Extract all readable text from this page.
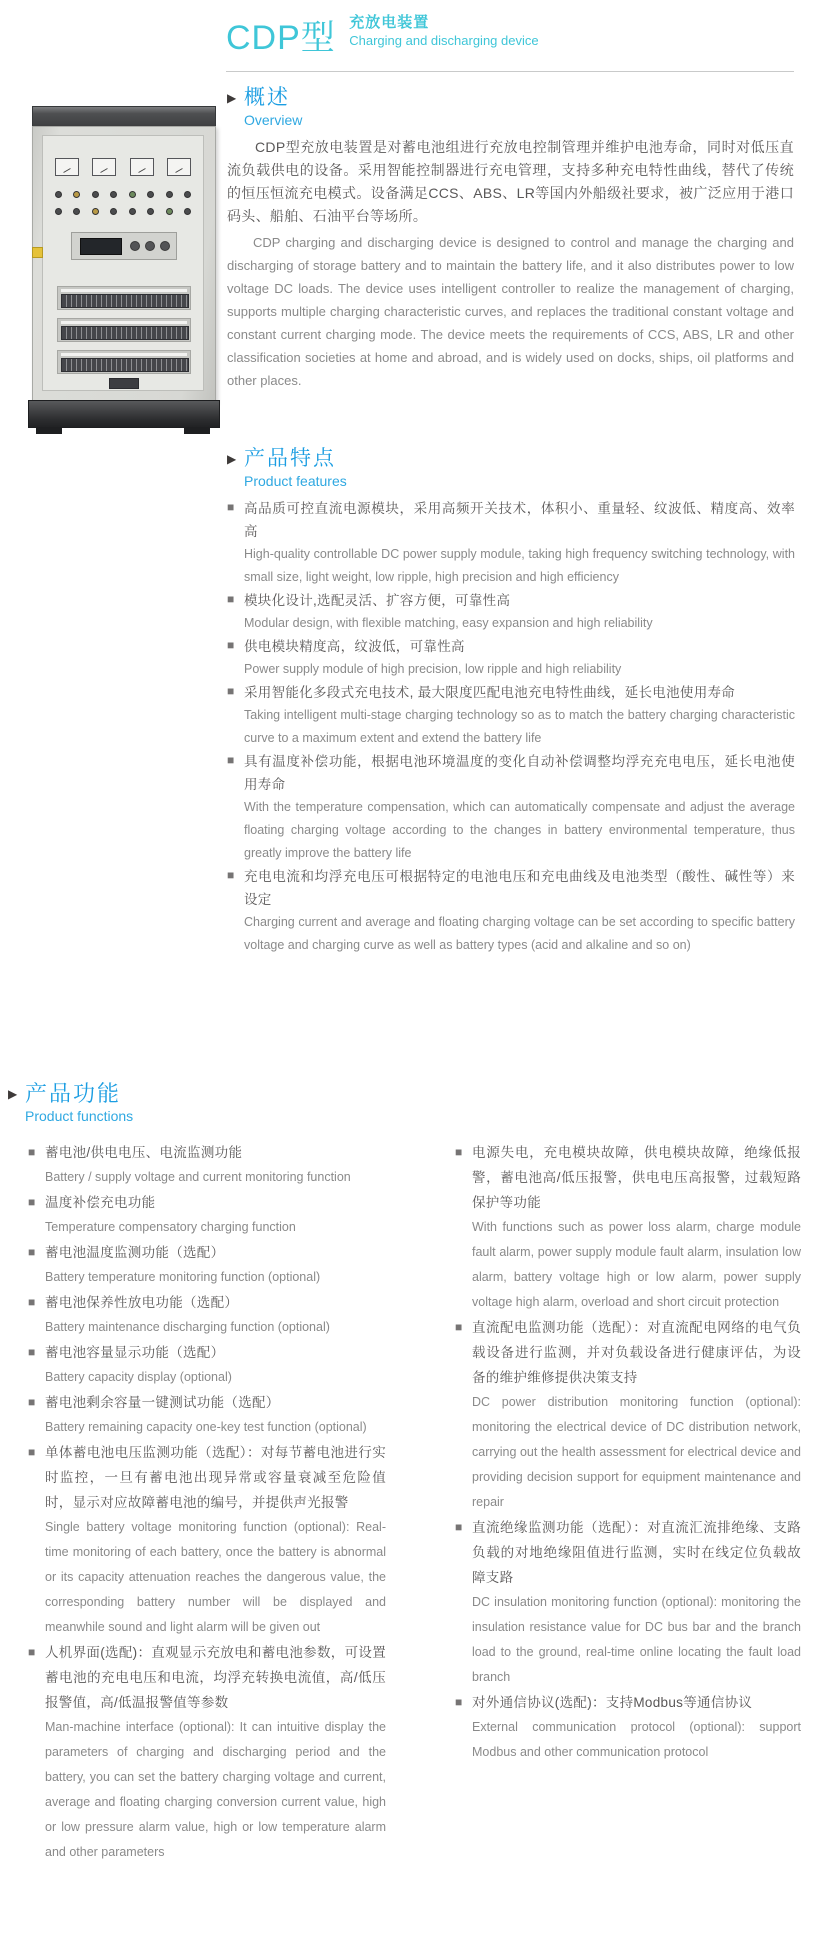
CDP型 充放电装置
Charging and discharging device
▶ 概述
Overview

CDP型充放电装置是对蓄电池组进行充放电控制管理并维护电池寿命，同时对低压直流负载供电的设备。采用智能控制器进行充电管理，支持多种充电特性曲线，替代了传统的恒压恒流充电模式。设备满足CCS、ABS、LR等国内外船级社要求，被广泛应用于港口码头、船舶、石油平台等场所。

CDP charging and discharging device is designed to control and manage the charging and discharging of storage battery and to maintain the battery life, and it also distributes power to low voltage DC loads. The device uses intelligent controller to realize the management of charging, supports multiple charging characteristic curves, and replaces the traditional constant voltage and constant current charging mode. The device meets the requirements of CCS, ABS, LR and other classification societies at home and abroad, and is widely used on docks, ships, oil platforms and other places.

▶ 产品特点
Product features
■ 高品质可控直流电源模块，采用高频开关技术，体积小、重量轻、纹波低、精度高、效率高
High-quality controllable DC power supply module, taking high frequency switching technology, with small size, light weight, low ripple, high precision and high efficiency
■ 模块化设计,选配灵活、扩容方便，可靠性高
Modular design, with flexible matching, easy expansion and high reliability
■ 供电模块精度高，纹波低，可靠性高
Power supply module of high precision, low ripple and high reliability
■ 采用智能化多段式充电技术, 最大限度匹配电池充电特性曲线，延长电池使用寿命
Taking intelligent multi-stage charging technology so as to match the battery charging characteristic curve to a maximum extent and extend the battery life
■ 具有温度补偿功能，根据电池环境温度的变化自动补偿调整均浮充充电电压，延长电池使用寿命
With the temperature compensation, which can automatically compensate and adjust the average floating charging voltage according to the changes in battery environmental temperature, thus greatly improve the battery life
■ 充电电流和均浮充电压可根据特定的电池电压和充电曲线及电池类型（酸性、碱性等）来设定
Charging current and average and floating charging voltage can be set according to specific battery voltage and charging curve as well as battery types (acid and alkaline and so on)
▶ 产品功能
Product functions
■ 蓄电池/供电电压、电流监测功能
Battery / supply voltage and current monitoring function
■ 温度补偿充电功能
Temperature compensatory charging function
■ 蓄电池温度监测功能（选配）
Battery temperature monitoring function (optional)
■ 蓄电池保养性放电功能（选配）
Battery maintenance discharging function (optional)
■ 蓄电池容量显示功能（选配）
Battery capacity display (optional)
■ 蓄电池剩余容量一键测试功能（选配）
Battery remaining capacity one-key test function (optional)
■ 单体蓄电池电压监测功能（选配）：对每节蓄电池进行实时监控，一旦有蓄电池出现异常或容量衰减至危险值时，显示对应故障蓄电池的编号，并提供声光报警
Single battery voltage monitoring function (optional): Real-time monitoring of each battery, once the battery is abnormal or its capacity attenuation reaches the dangerous value, the corresponding battery number will be displayed and meanwhile sound and light alarm will be given out
■ 人机界面(选配)：直观显示充放电和蓄电池参数，可设置蓄电池的充电电压和电流，均浮充转换电流值，高/低压报警值，高/低温报警值等参数
Man-machine interface (optional): It can intuitive display the parameters of charging and discharging period and the battery, you can set the battery charging voltage and current, average and floating charging conversion current value, high or low pressure alarm value, high or low temperature alarm and other parameters
■ 电源失电，充电模块故障，供电模块故障，绝缘低报警，蓄电池高/低压报警，供电电压高报警，过载短路保护等功能
With functions such as power loss alarm, charge module fault alarm, power supply module fault alarm, insulation low alarm, battery voltage high or low alarm, power supply voltage high alarm, overload and short circuit protection
■ 直流配电监测功能（选配）：对直流配电网络的电气负载设备进行监测，并对负载设备进行健康评估，为设备的维护维修提供决策支持
DC power distribution monitoring function (optional): monitoring the electrical device of DC distribution network, carrying out the health assessment for electrical device and providing decision support for equipment maintenance and repair
■ 直流绝缘监测功能（选配）：对直流汇流排绝缘、支路负载的对地绝缘阻值进行监测，实时在线定位负载故障支路
DC insulation monitoring function (optional): monitoring the insulation resistance value for DC bus bar and the branch load to the ground, real-time online locating the fault load branch
■ 对外通信协议(选配)：支持Modbus等通信协议
External communication protocol (optional): support Modbus and other communication protocol
